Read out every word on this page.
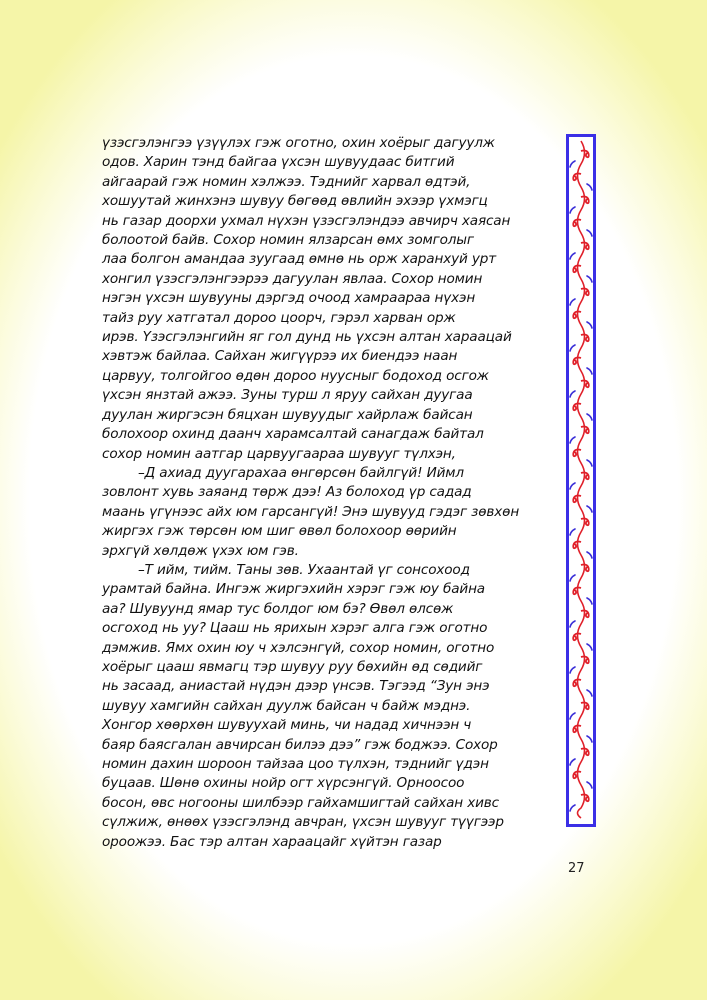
үзэсгэлэнгээ үзүүлэх гэж оготно, охин хоёрыг дагуулж
одов. Харин тэнд байгаа үхсэн шувуудаас битгий
айгаарай гэж номин хэлжээ. Тэднийг харвал өдтэй,
хошуутай жинхэнэ шувуу бөгөөд өвлийн эхээр үхмэгц
нь газар доорхи ухмал нүхэн үзэсгэлэндээ авчирч хаясан
болоотой байв. Сохор номин ялзарсан өмх зомголыг
лаа болгон амандаа зуугаад өмнө нь орж харанхуй урт
хонгил үзэсгэлэнгээрээ дагуулан явлаа. Сохор номин
нэгэн үхсэн шувууны дэргэд очоод хамраараа нүхэн
тайз руу хатгатал дороо цоорч, гэрэл харван орж
ирэв. Үзэсгэлэнгийн яг гол дунд нь үхсэн алтан хараацай
хэвтэж байлаа. Сайхан жигүүрээ их биендээ наан
царвуу, толгойгоо өдөн дороо нуусныг бодоход осгож
үхсэн янзтай ажээ. Зуны турш л яруу сайхан дуугаа
дуулан жиргэсэн бяцхан шувуудыг хайрлаж байсан
болохоор охинд даанч харамсалтай санагдаж байтал
сохор номин аатгар царвуугаараа шувууг түлхэн,
–Д ахиад дуугарахаа өнгөрсөн байлгүй! Иймл
зовлонт хувь заяанд төрж дээ! Аз болоход үр садад
маань үгүнээс айх юм гарсангүй! Энэ шувууд гэдэг зөвхөн
жиргэх гэж төрсөн юм шиг өвөл болохоор өөрийн
эрхгүй хөлдөж үхэх юм гэв.
–Т ийм, тийм. Таны зөв. Ухаантай үг сонсохоод
урамтай байна. Ингэж жиргэхийн хэрэг гэж юу байна
аа? Шувуунд ямар тус болдог юм бэ? Өвөл өлсөж
осгоход нь уу? Цааш нь ярихын хэрэг алга гэж оготно
дэмжив. Ямх охин юу ч хэлсэнгүй, сохор номин, оготно
хоёрыг цааш явмагц тэр шувуу руу бөхийн өд сөдийг
нь засаад, аниастай нүдэн дээр үнсэв. Тэгээд “Зун энэ
шувуу хамгийн сайхан дуулж байсан ч байж мэднэ.
Хонгор хөөрхөн шувуухай минь, чи надад хичнээн ч
баяр баясгалан авчирсан билээ дээ” гэж боджээ. Сохор
номин дахин шороон тайзаа цоо түлхэн, тэднийг үдэн
буцаав. Шөнө охины нойр огт хүрсэнгүй. Орноосоо
босон, өвс ногооны шилбээр гайхамшигтай сайхан хивс
сүлжиж, өнөөх үзэсгэлэнд авчран, үхсэн шувууг түүгээр
ороожээ. Бас тэр алтан хараацайг хүйтэн газар
27
